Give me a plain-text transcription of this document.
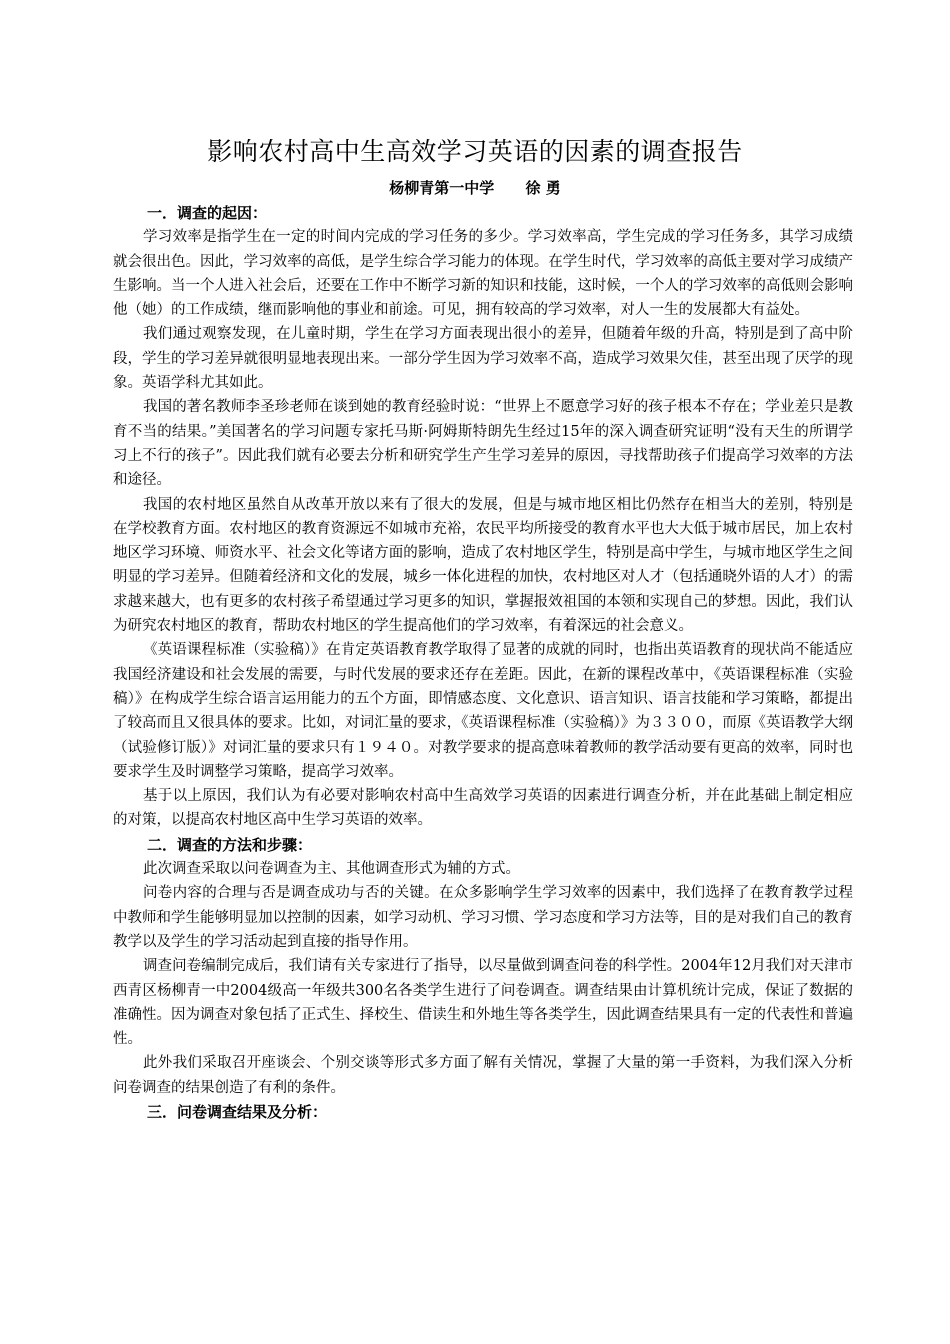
影响农村高中生高效学习英语的因素的调查报告
杨柳青第一中学      徐 勇

一．调查的起因：

学习效率是指学生在一定的时间内完成的学习任务的多少。学习效率高，学生完成的学习任务多，其学习成绩就会很出色。因此，学习效率的高低，是学生综合学习能力的体现。在学生时代，学习效率的高低主要对学习成绩产生影响。当一个人进入社会后，还要在工作中不断学习新的知识和技能，这时候，一个人的学习效率的高低则会影响他（她）的工作成绩，继而影响他的事业和前途。可见，拥有较高的学习效率，对人一生的发展都大有益处。

我们通过观察发现，在儿童时期，学生在学习方面表现出很小的差异，但随着年级的升高，特别是到了高中阶段，学生的学习差异就很明显地表现出来。一部分学生因为学习效率不高，造成学习效果欠佳，甚至出现了厌学的现象。英语学科尤其如此。

我国的著名教师李圣珍老师在谈到她的教育经验时说：“世界上不愿意学习好的孩子根本不存在；学业差只是教育不当的结果。”美国著名的学习问题专家托马斯·阿姆斯特朗先生经过15年的深入调查研究证明“没有天生的所谓学习上不行的孩子”。因此我们就有必要去分析和研究学生产生学习差异的原因，寻找帮助孩子们提高学习效率的方法和途径。

我国的农村地区虽然自从改革开放以来有了很大的发展，但是与城市地区相比仍然存在相当大的差别，特别是在学校教育方面。农村地区的教育资源远不如城市充裕，农民平均所接受的教育水平也大大低于城市居民，加上农村地区学习环境、师资水平、社会文化等诸方面的影响，造成了农村地区学生，特别是高中学生，与城市地区学生之间明显的学习差异。但随着经济和文化的发展，城乡一体化进程的加快，农村地区对人才（包括通晓外语的人才）的需求越来越大，也有更多的农村孩子希望通过学习更多的知识，掌握报效祖国的本领和实现自己的梦想。因此，我们认为研究农村地区的教育，帮助农村地区的学生提高他们的学习效率，有着深远的社会意义。

《英语课程标准（实验稿）》在肯定英语教育教学取得了显著的成就的同时，也指出英语教育的现状尚不能适应我国经济建设和社会发展的需要，与时代发展的要求还存在差距。因此，在新的课程改革中，《英语课程标准（实验稿）》在构成学生综合语言运用能力的五个方面，即情感态度、文化意识、语言知识、语言技能和学习策略，都提出了较高而且又很具体的要求。比如，对词汇量的要求，《英语课程标准（实验稿）》为３３００，而原《英语教学大纲（试验修订版）》对词汇量的要求只有１９４０。对教学要求的提高意味着教师的教学活动要有更高的效率，同时也要求学生及时调整学习策略，提高学习效率。

基于以上原因，我们认为有必要对影响农村高中生高效学习英语的因素进行调查分析，并在此基础上制定相应的对策，以提高农村地区高中生学习英语的效率。

二．调查的方法和步骤：

此次调查采取以问卷调查为主、其他调查形式为辅的方式。

问卷内容的合理与否是调查成功与否的关键。在众多影响学生学习效率的因素中，我们选择了在教育教学过程中教师和学生能够明显加以控制的因素，如学习动机、学习习惯、学习态度和学习方法等，目的是对我们自己的教育教学以及学生的学习活动起到直接的指导作用。

调查问卷编制完成后，我们请有关专家进行了指导，以尽量做到调查问卷的科学性。2004年12月我们对天津市西青区杨柳青一中2004级高一年级共300名各类学生进行了问卷调查。调查结果由计算机统计完成，保证了数据的准确性。因为调查对象包括了正式生、择校生、借读生和外地生等各类学生，因此调查结果具有一定的代表性和普遍性。

此外我们采取召开座谈会、个别交谈等形式多方面了解有关情况，掌握了大量的第一手资料，为我们深入分析问卷调查的结果创造了有利的条件。

三．问卷调查结果及分析：
